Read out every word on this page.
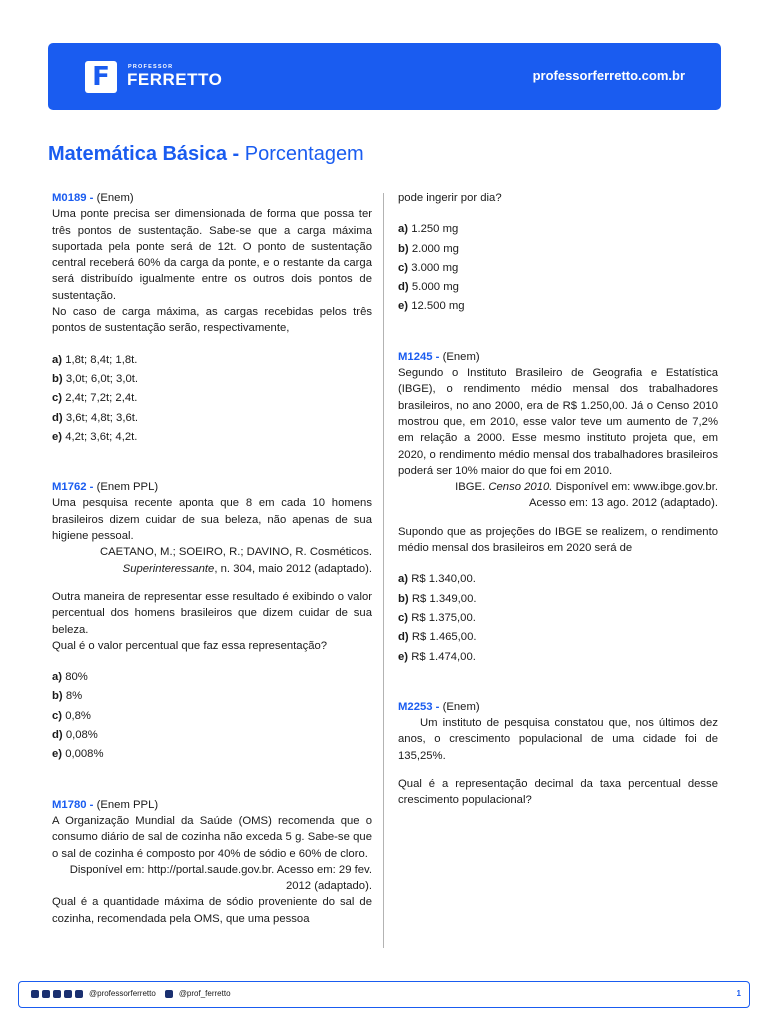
F	PROFESSOR
FERRETTO	professorferretto.com.br
Matemática Básica - Porcentagem

M0189 - (Enem)

Uma ponte precisa ser dimensionada de forma que possa ter três pontos de sustentação. Sabe-se que a carga máxima suportada pela ponte será de 12t. O ponto de sustentação central receberá 60% da carga da ponte, e o restante da carga será distribuído igualmente entre os outros dois pontos de sustentação.

No caso de carga máxima, as cargas recebidas pelos três pontos de sustentação serão, respectivamente,

a) 1,8t; 8,4t; 1,8t.
b) 3,0t; 6,0t; 3,0t.
c) 2,4t; 7,2t; 2,4t.
d) 3,6t; 4,8t; 3,6t.
e) 4,2t; 3,6t; 4,2t.

M1762 - (Enem PPL)

Uma pesquisa recente aponta que 8 em cada 10 homens brasileiros dizem cuidar de sua beleza, não apenas de sua higiene pessoal.

CAETANO, M.; SOEIRO, R.; DAVINO, R. Cosméticos.

Superinteressante, n. 304, maio 2012 (adaptado).

Outra maneira de representar esse resultado é exibindo o valor percentual dos homens brasileiros que dizem cuidar de sua beleza.

Qual é o valor percentual que faz essa representação?

a) 80%
b) 8%
c) 0,8%
d) 0,08%
e) 0,008%

M1780 - (Enem PPL)

A Organização Mundial da Saúde (OMS) recomenda que o consumo diário de sal de cozinha não exceda 5 g. Sabe-se que o sal de cozinha é composto por 40% de sódio e 60% de cloro.

Disponível em: http://portal.saude.gov.br. Acesso em: 29 fev. 2012 (adaptado).

Qual é a quantidade máxima de sódio proveniente do sal de cozinha, recomendada pela OMS, que uma pessoa

pode ingerir por dia?

a) 1.250 mg
b) 2.000 mg
c) 3.000 mg
d) 5.000 mg
e) 12.500 mg

M1245 - (Enem)

Segundo o Instituto Brasileiro de Geografia e Estatística (IBGE), o rendimento médio mensal dos trabalhadores brasileiros, no ano 2000, era de R$ 1.250,00. Já o Censo 2010 mostrou que, em 2010, esse valor teve um aumento de 7,2% em relação a 2000. Esse mesmo instituto projeta que, em 2020, o rendimento médio mensal dos trabalhadores brasileiros poderá ser 10% maior do que foi em 2010.

IBGE. Censo 2010. Disponível em: www.ibge.gov.br.

Acesso em: 13 ago. 2012 (adaptado).

Supondo que as projeções do IBGE se realizem, o rendimento médio mensal dos brasileiros em 2020 será de

a) R$ 1.340,00.
b) R$ 1.349,00.
c) R$ 1.375,00.
d) R$ 1.465,00.
e) R$ 1.474,00.

M2253 - (Enem)

Um instituto de pesquisa constatou que, nos últimos dez anos, o crescimento populacional de uma cidade foi de 135,25%.

Qual é a representação decimal da taxa percentual desse crescimento populacional?

@professorferretto	@prof_ferretto	1
